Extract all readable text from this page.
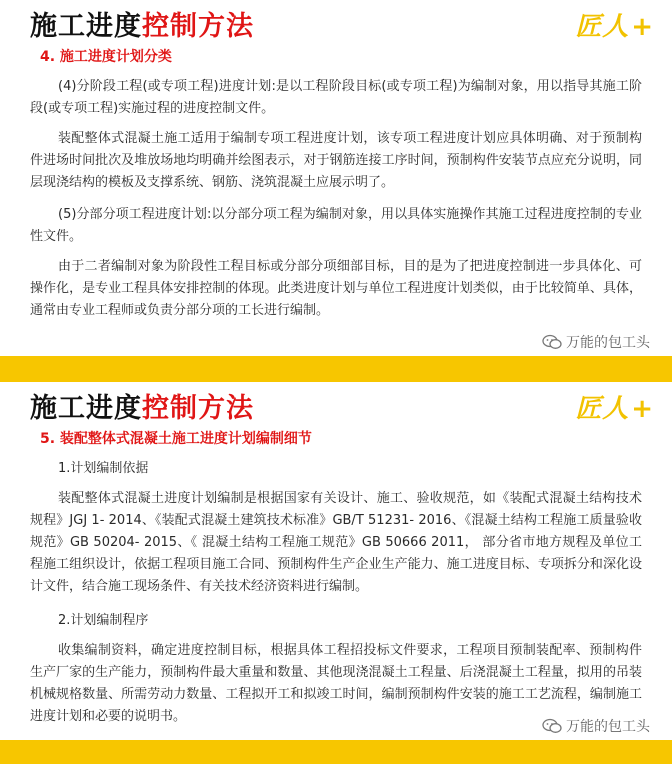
施工进度控制方法	匠人+
4. 施工进度计划分类

(4)分阶段工程(或专项工程)进度计划:是以工程阶段目标(或专项工程)为编制对象，用以指导其施工阶段(或专项工程)实施过程的进度控制文件。

装配整体式混凝土施工适用于编制专项工程进度计划，该专项工程进度计划应具体明确、对于预制构件进场时间批次及堆放场地均明确并绘图表示，对于钢筋连接工序时间，预制构件安装节点应充分说明，同层现浇结构的模板及支撑系统、钢筋、浇筑混凝土应展示明了。

(5)分部分项工程进度计划:以分部分项工程为编制对象，用以具体实施操作其施工过程进度控制的专业性文件。

由于二者编制对象为阶段性工程目标或分部分项细部目标，目的是为了把进度控制进一步具体化、可操作化，是专业工程具体安排控制的体现。此类进度计划与单位工程进度计划类似，由于比较简单、具体，通常由专业工程师或负责分部分项的工长进行编制。

万能的包工头
施工进度控制方法	匠人+
5. 装配整体式混凝土施工进度计划编制细节

1.计划编制依据

装配整体式混凝土进度计划编制是根据国家有关设计、施工、验收规范，如《装配式混凝土结构技术规程》JGJ 1- 2014、《装配式混凝土建筑技术标准》GB/T 51231- 2016、《混凝土结构工程施工质量验收规范》GB 50204- 2015、《 混凝土结构工程施工规范》GB 50666 2011， 部分省市地方规程及单位工程施工组织设计，依据工程项目施工合同、预制构件生产企业生产能力、施工进度目标、专项拆分和深化设计文件，结合施工现场条件、有关技术经济资料进行编制。

2.计划编制程序

收集编制资料，确定进度控制目标，根据具体工程招投标文件要求，工程项目预制装配率、预制构件生产厂家的生产能力，预制构件最大重量和数量、其他现浇混凝土工程量、后浇混凝土工程量，拟用的吊装机械规格数量、所需劳动力数量、工程拟开工和拟竣工时间，编制预制构件安装的施工工艺流程，编制施工进度计划和必要的说明书。

万能的包工头
